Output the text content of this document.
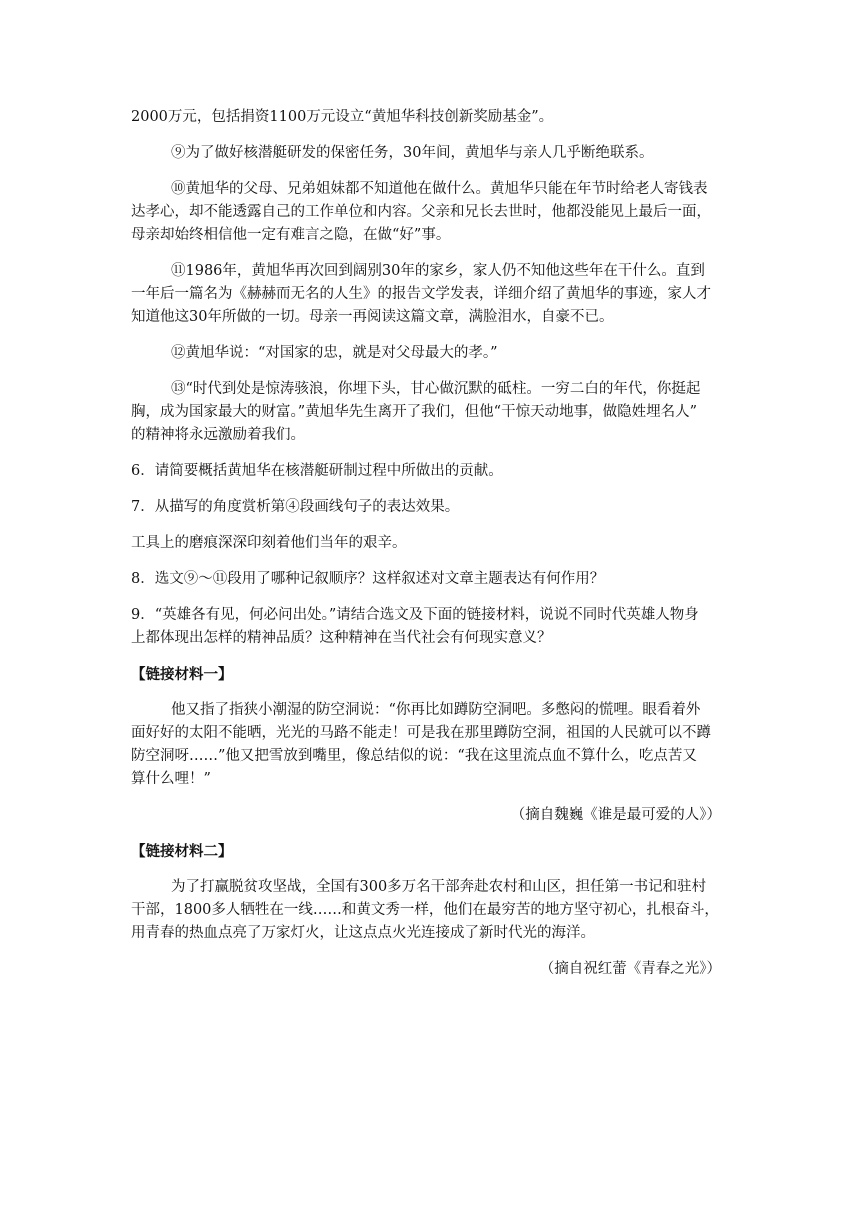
2000万元，包括捐资1100万元设立“黄旭华科技创新奖励基金”。

⑨为了做好核潜艇研发的保密任务，30年间，黄旭华与亲人几乎断绝联系。

⑩黄旭华的父母、兄弟姐妹都不知道他在做什么。黄旭华只能在年节时给老人寄钱表

达孝心，却不能透露自己的工作单位和内容。父亲和兄长去世时，他都没能见上最后一面，

母亲却始终相信他一定有难言之隐，在做“好”事。

⑪1986年，黄旭华再次回到阔别30年的家乡，家人仍不知他这些年在干什么。直到

一年后一篇名为《赫赫而无名的人生》的报告文学发表，详细介绍了黄旭华的事迹，家人才

知道他这30年所做的一切。母亲一再阅读这篇文章，满脸泪水，自豪不已。

⑫黄旭华说：“对国家的忠，就是对父母最大的孝。”

⑬“时代到处是惊涛骇浪，你埋下头，甘心做沉默的砥柱。一穷二白的年代，你挺起

胸，成为国家最大的财富。”黄旭华先生离开了我们，但他“干惊天动地事，做隐姓埋名人”

的精神将永远激励着我们。

6．请简要概括黄旭华在核潜艇研制过程中所做出的贡献。

7．从描写的角度赏析第④段画线句子的表达效果。

工具上的磨痕深深印刻着他们当年的艰辛。

8．选文⑨～⑪段用了哪种记叙顺序？这样叙述对文章主题表达有何作用？

9．“英雄各有见，何必问出处。”请结合选文及下面的链接材料，说说不同时代英雄人物身

上都体现出怎样的精神品质？这种精神在当代社会有何现实意义？

【链接材料一】

他又指了指狭小潮湿的防空洞说：“你再比如蹲防空洞吧。多憋闷的慌哩。眼看着外

面好好的太阳不能晒，光光的马路不能走！可是我在那里蹲防空洞，祖国的人民就可以不蹲

防空洞呀……”他又把雪放到嘴里，像总结似的说：“我在这里流点血不算什么，吃点苦又

算什么哩！”

（摘自魏巍《谁是最可爱的人》）

【链接材料二】

为了打赢脱贫攻坚战，全国有300多万名干部奔赴农村和山区，担任第一书记和驻村

干部，1800多人牺牲在一线……和黄文秀一样，他们在最穷苦的地方坚守初心，扎根奋斗，

用青春的热血点亮了万家灯火，让这点点火光连接成了新时代光的海洋。

（摘自祝红蕾《青春之光》）
